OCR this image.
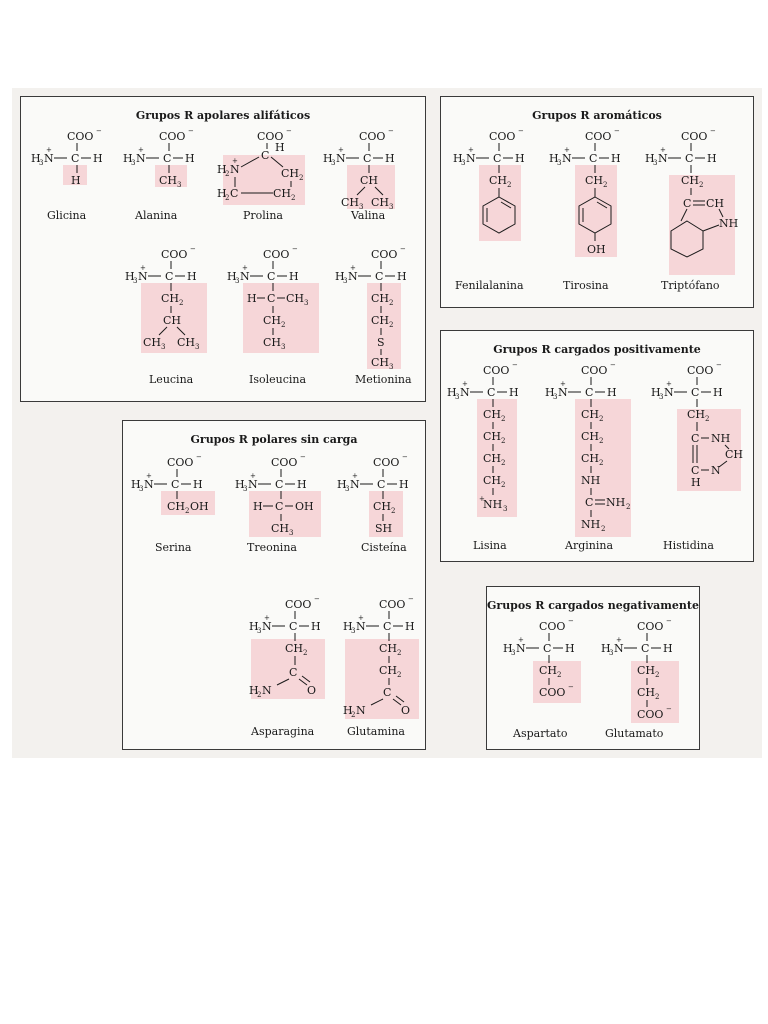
Grupos R apolares alifáticos
COO −
H
3 N
+
C H
H
Glicina
COO −
H
3 N
+
C H
CH 3
Alanina
COO −
C
H
H
2 N
+
CH 2
H
2 C	CH 2
Prolina
COO −
H
3 N
+
C H
CH
CH 3 CH 3
Valina
COO −
H
3 N
+
C H
CH 2
CH
CH 3 CH 3
Leucina
COO −
H
3 N
+
C H
H C CH 3
CH 2
CH 3
Isoleucina
COO −
H
3 N
+
C H
CH 2
CH 2
S
CH 3
Metionina
Grupos R aromáticos
COO −
H
3 N
+
C H
CH 2
Fenilalanina
COO −
H
3 N
+
C H
CH 2
OH
Tirosina
COO −
H
3 N
+
C H
CH 2
C CH
NH
Triptófano
Grupos R polares sin carga
COO −
H
3 N
+
C H
CH 2 OH
Serina
COO −
H
3 N
+
C H
H C OH
CH 3
Treonina
COO −
H
3 N
+
C H
CH 2
SH
Cisteína
COO −
H
3 N
+
C H
CH 2
C
H
2 N	O
Asparagina
COO −
H
3 N
+
C H
CH 2
CH 2
C
H
2 N	O
Glutamina
Grupos R cargados positivamente
COO −
H
3 N
+
C H
CH 2
CH 2
CH 2
CH 2
+
NH 3
Lisina
COO −
H
3 N
+
C H
CH 2
CH 2
CH 2
NH
C NH 2
NH 2
Arginina
COO −
H
3 N
+
C H
CH 2
C NH
CH
C N
H
Histidina
Grupos R cargados negativamente
COO −
H
3 N
+
C H
CH 2
COO −
Aspartato
COO −
H
3 N
+
C H
CH 2
CH 2
COO −
Glutamato
